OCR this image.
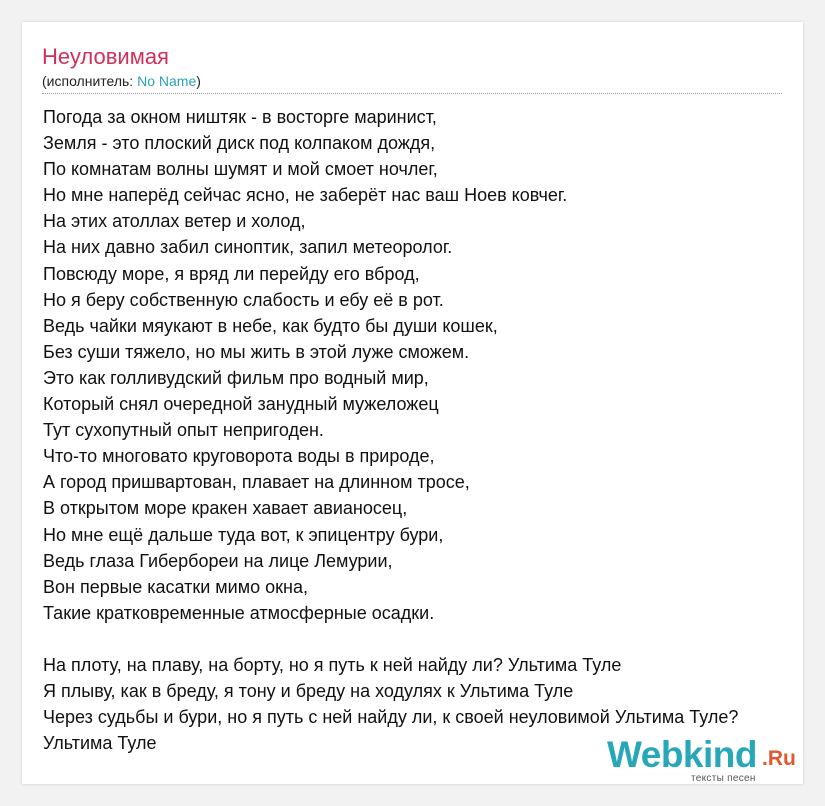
Неуловимая
(исполнитель: No Name)
Погода за окном ништяк - в восторге маринист,
Земля - это плоский диск под колпаком дождя,
По комнатам волны шумят и мой смоет ночлег,
Но мне наперёд сейчас ясно, не заберёт нас ваш Ноев ковчег.
На этих атоллах ветер и холод,
На них давно забил синоптик, запил метеоролог.
Повсюду море, я вряд ли перейду его вброд,
Но я беру собственную слабость и ебу её в рот.
Ведь чайки мяукают в небе, как будто бы души кошек,
Без суши тяжело, но мы жить в этой луже сможем.
Это как голливудский фильм про водный мир,
Который снял очередной занудный мужеложец
Тут сухопутный опыт непригоден.
Что-то многовато круговорота воды в природе,
А город пришвартован, плавает на длинном тросе,
В открытом море кракен хавает авианосец,
Но мне ещё дальше туда вот, к эпицентру бури,
Ведь глаза Гибербореи на лице Лемурии,
Вон первые касатки мимо окна,
Такие кратковременные атмосферные осадки.
На плоту, на плаву, на борту, но я путь к ней найду ли? Ультима Туле
Я плыву, как в бреду, я тону и бреду на ходулях к Ультима Туле
Через судьбы и бури, но я путь с ней найду ли, к своей неуловимой Ультима Туле?
Ультима Туле	Webkind .Ru
тексты песен
